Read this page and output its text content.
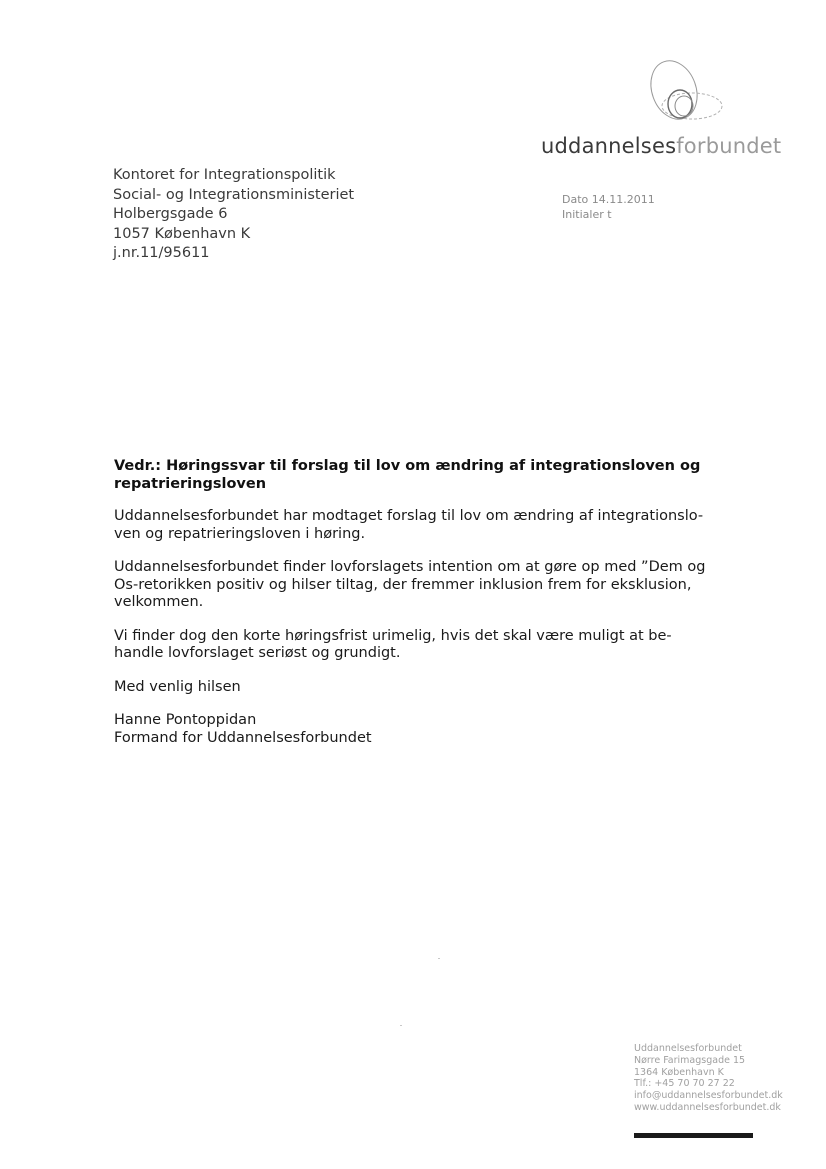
uddannelsesforbundet
Kontoret for Integrationspolitik
Social- og Integrationsministeriet
Holbergsgade 6
1057 København K
j.nr.11/95611
Dato 14.11.2011
Initialer t
Vedr.: Høringssvar til forslag til lov om ændring af integrationsloven og
repatrieringsloven

Uddannelsesforbundet har modtaget forslag til lov om ændring af integrationslo-
ven og repatrieringsloven i høring.

Uddannelsesforbundet finder lovforslagets intention om at gøre op med ”Dem og
Os-retorikken positiv og hilser tiltag, der fremmer inklusion frem for eksklusion,
velkommen.

Vi finder dog den korte høringsfrist urimelig, hvis det skal være muligt at be-
handle lovforslaget seriøst og grundigt.

Med venlig hilsen

Hanne Pontoppidan
Formand for Uddannelsesforbundet

Uddannelsesforbundet
Nørre Farimagsgade 15
1364 København K
Tlf.: +45 70 70 27 22
info@uddannelsesforbundet.dk
www.uddannelsesforbundet.dk
